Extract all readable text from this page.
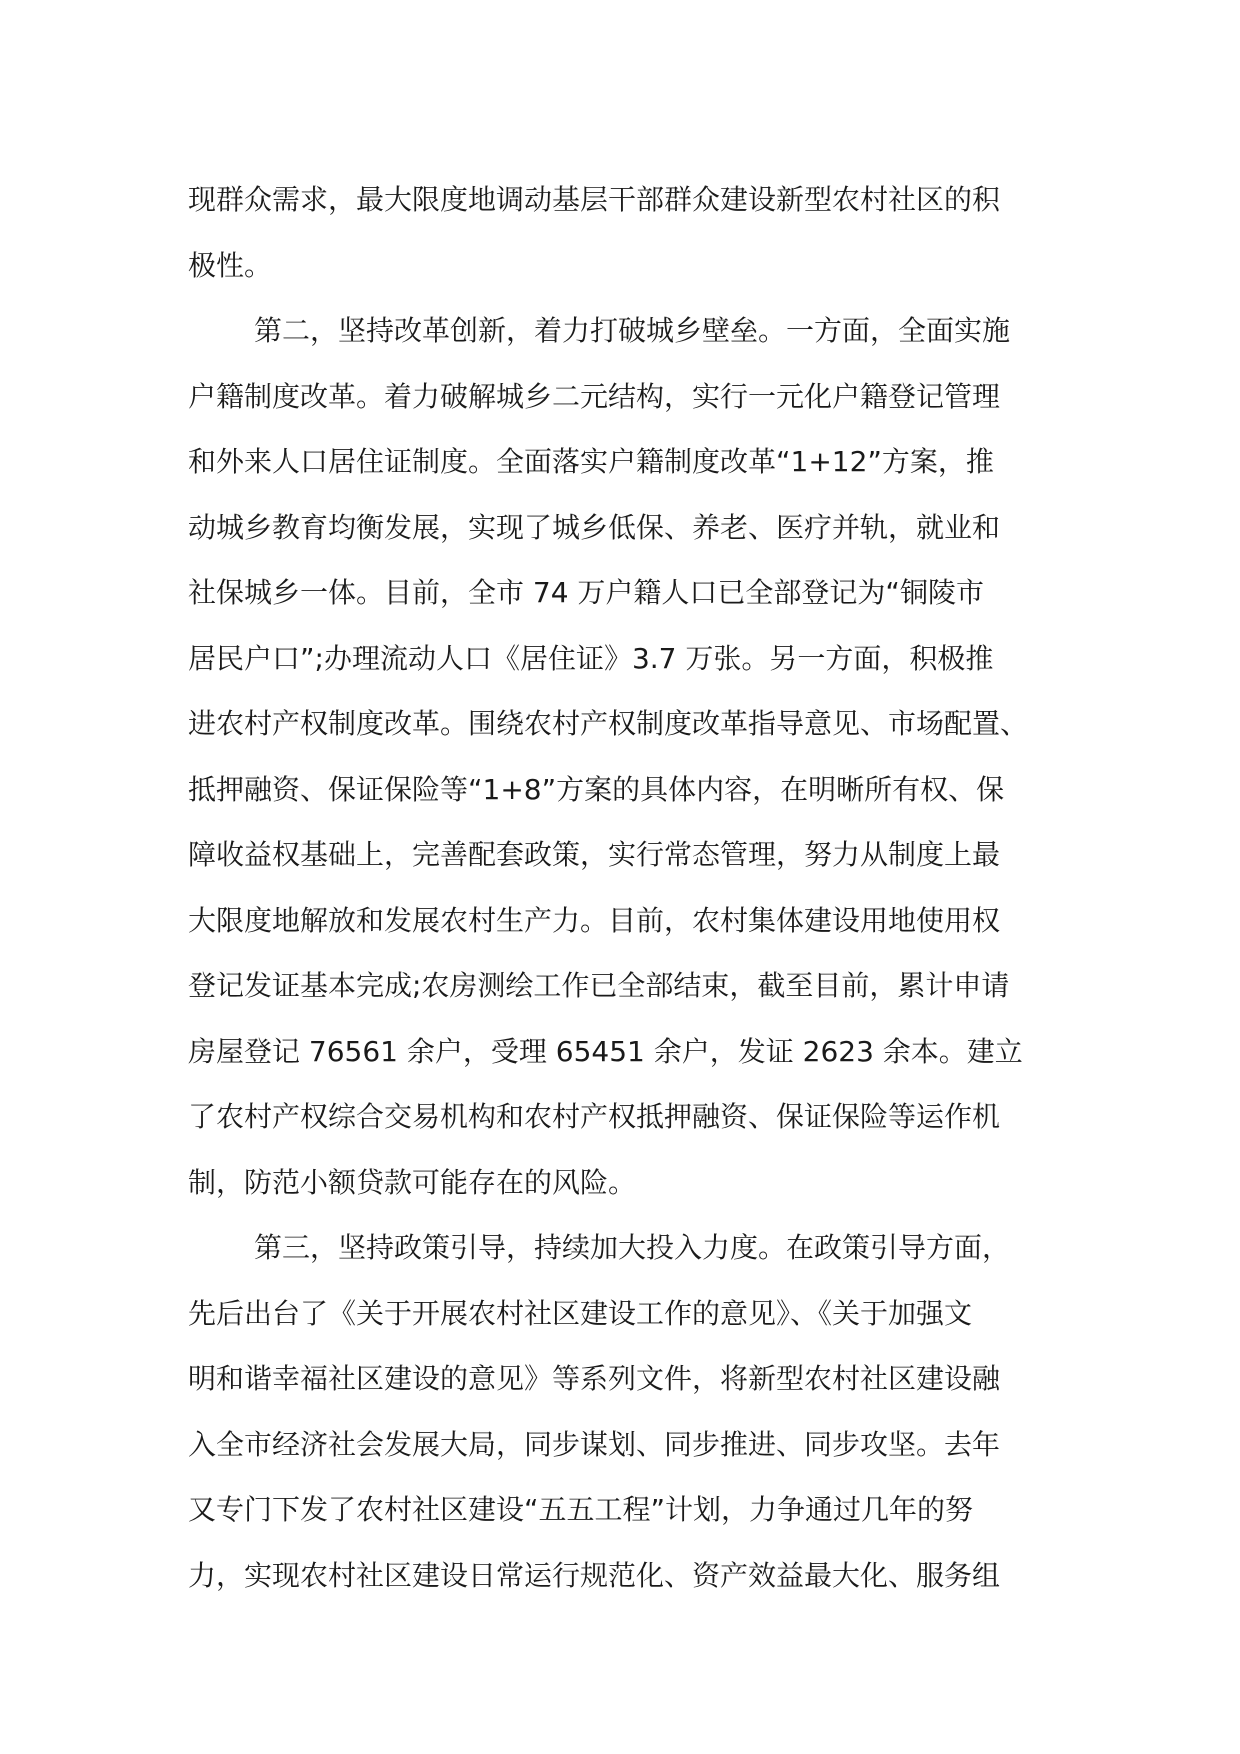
现群众需求，最大限度地调动基层干部群众建设新型农村社区的积
极性。
第二，坚持改革创新，着力打破城乡壁垒。一方面，全面实施
户籍制度改革。着力破解城乡二元结构，实行一元化户籍登记管理
和外来人口居住证制度。全面落实户籍制度改革“1+12”方案，推
动城乡教育均衡发展，实现了城乡低保、养老、医疗并轨，就业和
社保城乡一体。目前，全市 74 万户籍人口已全部登记为“铜陵市
居民户口”;办理流动人口《居住证》3.7 万张。另一方面，积极推
进农村产权制度改革。围绕农村产权制度改革指导意见、市场配置、
抵押融资、保证保险等“1+8”方案的具体内容，在明晰所有权、保
障收益权基础上，完善配套政策，实行常态管理，努力从制度上最
大限度地解放和发展农村生产力。目前，农村集体建设用地使用权
登记发证基本完成;农房测绘工作已全部结束，截至目前，累计申请
房屋登记 76561 余户，受理 65451 余户，发证 2623 余本。建立
了农村产权综合交易机构和农村产权抵押融资、保证保险等运作机
制，防范小额贷款可能存在的风险。
第三，坚持政策引导，持续加大投入力度。在政策引导方面，
先后出台了《关于开展农村社区建设工作的意见》、《关于加强文
明和谐幸福社区建设的意见》等系列文件，将新型农村社区建设融
入全市经济社会发展大局，同步谋划、同步推进、同步攻坚。去年
又专门下发了农村社区建设“五五工程”计划，力争通过几年的努
力，实现农村社区建设日常运行规范化、资产效益最大化、服务组
